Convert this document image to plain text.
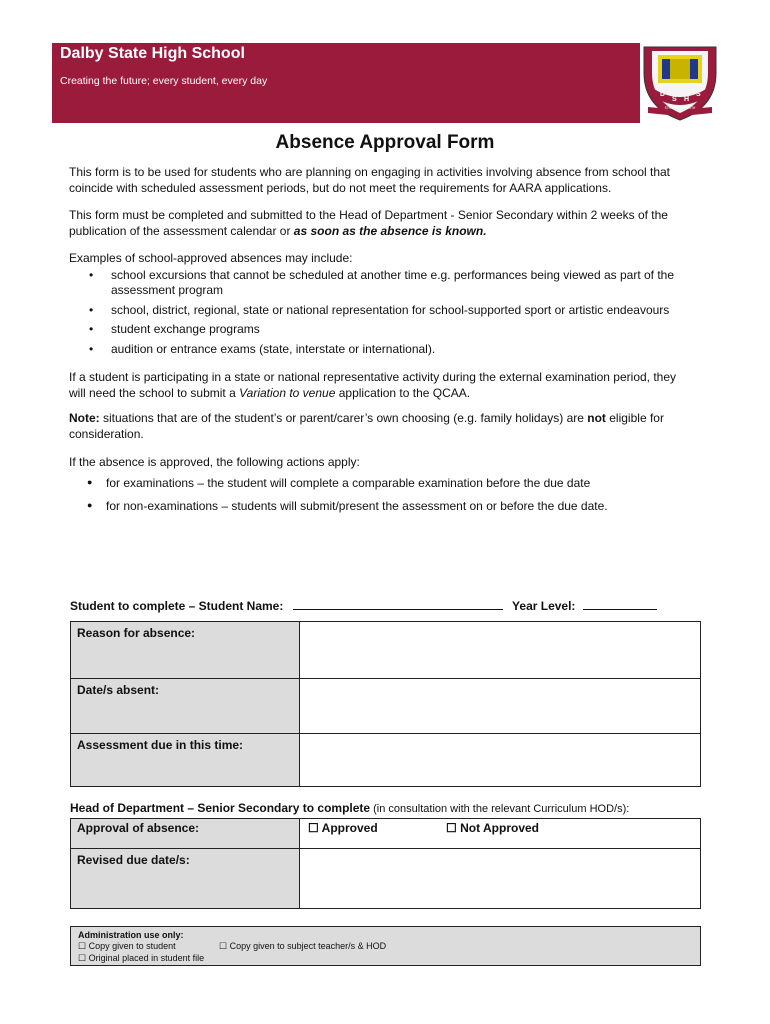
Dalby State High School
Creating the future; every student, every day
D
S H
S
STRIVE FOR TRUTH
1954
Absence Approval Form

This form is to be used for students who are planning on engaging in activities involving absence from school that coincide with scheduled assessment periods, but do not meet the requirements for AARA applications.

This form must be completed and submitted to the Head of Department - Senior Secondary within 2 weeks of the publication of the assessment calendar or as soon as the absence is known.

Examples of school-approved absences may include:

• school excursions that cannot be scheduled at another time e.g. performances being viewed as part of the assessment program
• school, district, regional, state or national representation for school-supported sport or artistic endeavours
• student exchange programs
• audition or entrance exams (state, interstate or international).

If a student is participating in a state or national representative activity during the external examination period, they will need the school to submit a Variation to venue application to the QCAA.

Note: situations that are of the student’s or parent/carer’s own choosing (e.g. family holidays) are not eligible for consideration.

If the absence is approved, the following actions apply:

● for examinations – the student will complete a comparable examination before the due date
● for non-examinations – students will submit/present the assessment on or before the due date.
Student to complete – Student Name:	Year Level:
Reason for absence:	
Date/s absent:	
Assessment due in this time:	
Head of Department – Senior Secondary to complete (in consultation with the relevant Curriculum HOD/s):
Approval of absence:	☐ Approved ☐ Not Approved

Revised due date/s:	
Administration use only:
☐ Copy given to student	☐ Copy given to subject teacher/s & HOD
☐ Original placed in student file
